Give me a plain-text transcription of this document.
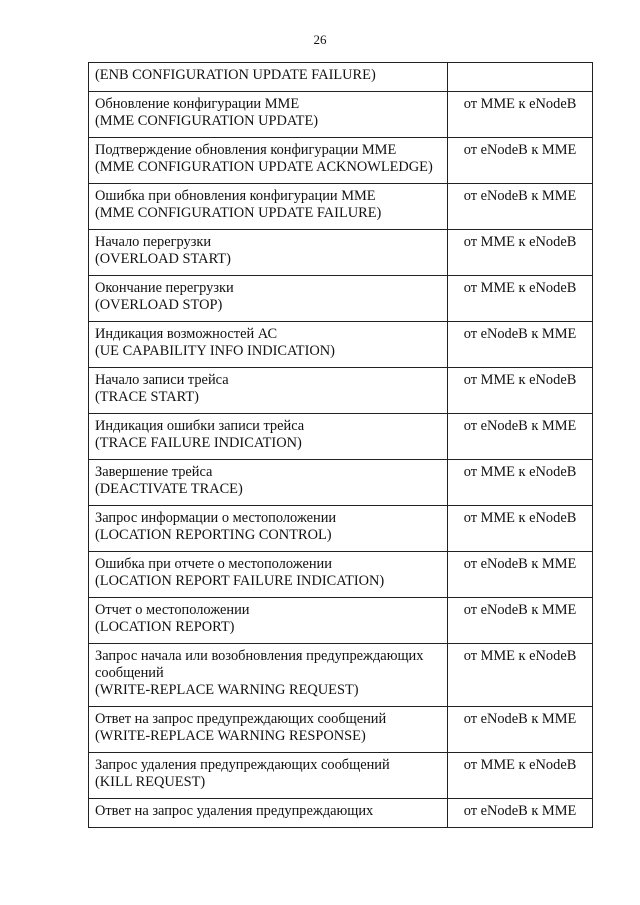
26
(ENB CONFIGURATION UPDATE FAILURE)	

Обновление конфигурации MME
(MME CONFIGURATION UPDATE)	от MME к eNodeB

Подтверждение обновления конфигурации MME
(MME CONFIGURATION UPDATE ACKNOWLEDGE)	от eNodeB к MME

Ошибка при обновления конфигурации MME
(MME CONFIGURATION UPDATE FAILURE)	от eNodeB к MME

Начало перегрузки
(OVERLOAD START)	от MME к eNodeB

Окончание перегрузки
(OVERLOAD STOP)	от MME к eNodeB

Индикация возможностей АС
(UE CAPABILITY INFO INDICATION)	от eNodeB к MME

Начало записи трейса
(TRACE START)	от MME к eNodeB

Индикация ошибки записи трейса
(TRACE FAILURE INDICATION)	от eNodeB к MME

Завершение трейса
(DEACTIVATE TRACE)	от MME к eNodeB

Запрос информации о местоположении
(LOCATION REPORTING CONTROL)	от MME к eNodeB

Ошибка при отчете о местоположении
(LOCATION REPORT FAILURE INDICATION)	от eNodeB к MME

Отчет о местоположении
(LOCATION REPORT)	от eNodeB к MME

Запрос начала или возобновления предупреждающих сообщений
(WRITE-REPLACE WARNING REQUEST)	от MME к eNodeB

Ответ на запрос предупреждающих сообщений
(WRITE-REPLACE WARNING RESPONSE)	от eNodeB к MME

Запрос удаления предупреждающих сообщений
(KILL REQUEST)	от MME к eNodeB

Ответ на запрос удаления предупреждающих	от eNodeB к MME
